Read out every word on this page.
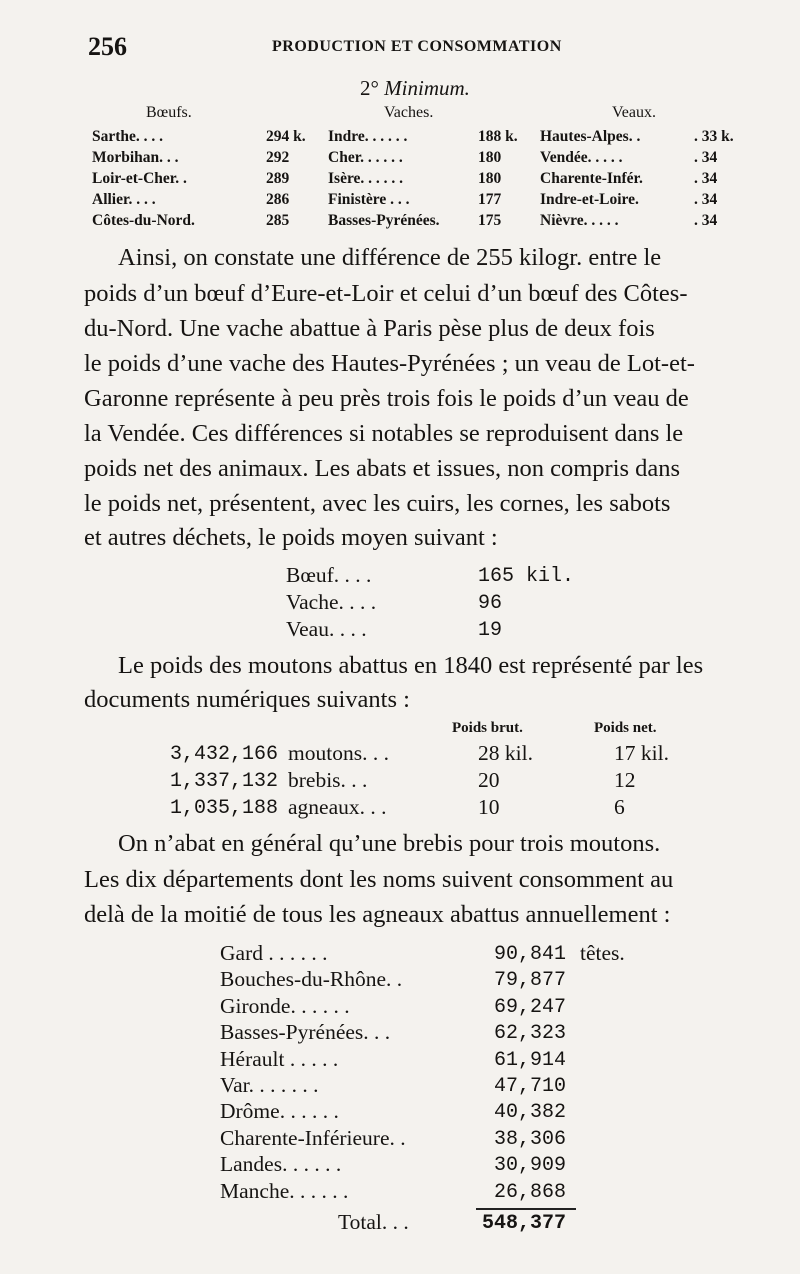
256	PRODUCTION ET CONSOMMATION
2° Minimum.
Bœufs.	Vaches.	Veaux.
Sarthe. . . .	294 k. Indre. . . . . .	188 k. Hautes-Alpes. .	. 33 k.
Morbihan. . .	292	Cher. . . . . .	180	Vendée. . . . .	. 34
Loir-et-Cher. .	289	Isère. . . . . .	180	Charente-Infér.	. 34
Allier. . . .	286	Finistère . . .	177	Indre-et-Loire.	. 34
Côtes-du-Nord.	285	Basses-Pyrénées. 175	Nièvre. . . . .	. 34
Ainsi, on constate une différence de 255 kilogr. entre le
poids d’un bœuf d’Eure-et-Loir et celui d’un bœuf des Côtes-
du-Nord. Une vache abattue à Paris pèse plus de deux fois
le poids d’une vache des Hautes-Pyrénées ; un veau de Lot-et-
Garonne représente à peu près trois fois le poids d’un veau de
la Vendée. Ces différences si notables se reproduisent dans le
poids net des animaux. Les abats et issues, non compris dans
le poids net, présentent, avec les cuirs, les cornes, les sabots
et autres déchets, le poids moyen suivant :
Bœuf. . . .	165 kil.
Vache. . . .	96
Veau. . . .	19
Le poids des moutons abattus en 1840 est représenté par les
documents numériques suivants :
Poids brut.	Poids net.
3,432,166 moutons. . .	28 kil.	17 kil.
1,337,132 brebis. . .	20	12
1,035,188 agneaux. . .	10	6
On n’abat en général qu’une brebis pour trois moutons.
Les dix départements dont les noms suivent consomment au
delà de la moitié de tous les agneaux abattus annuellement :
Gard . . . . . .	90,841 têtes.
Bouches-du-Rhône. .	79,877
Gironde. . . . . .	69,247
Basses-Pyrénées. . .	62,323
Hérault . . . . .	61,914
Var. . . . . . .	47,710
Drôme. . . . . .	40,382
Charente-Inférieure. .	38,306
Landes. . . . . .	30,909
Manche. . . . . .	26,868
Total. . .	548,377
